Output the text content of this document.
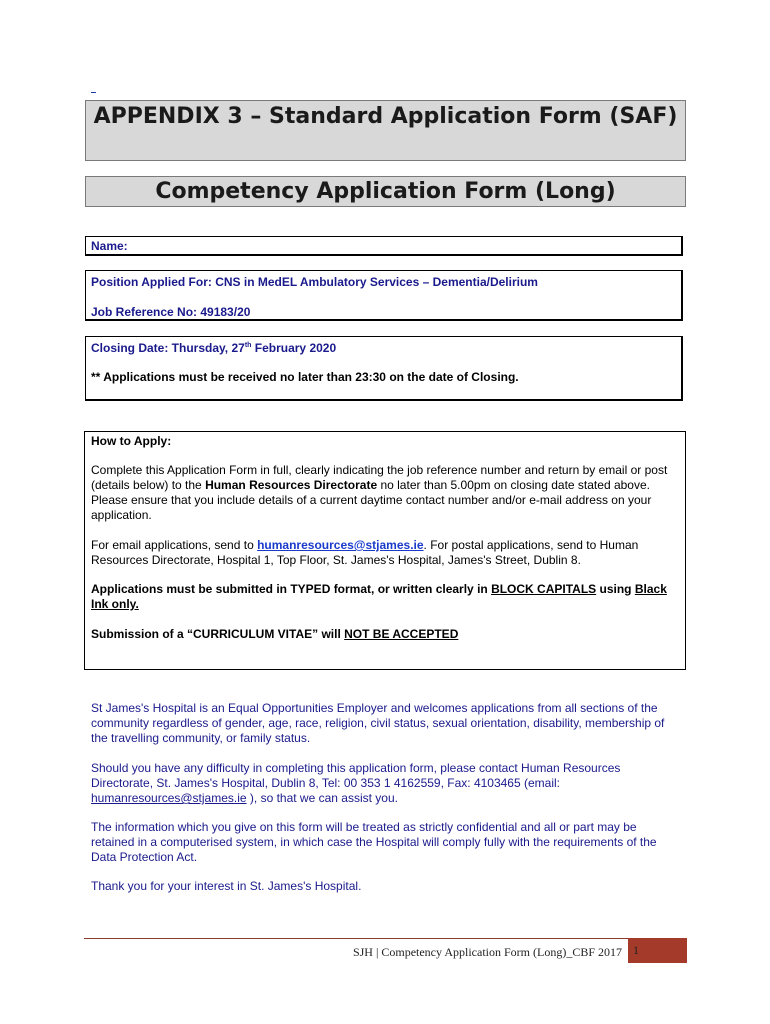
APPENDIX 3 – Standard Application Form (SAF)
Competency Application Form (Long)
Name:
Position Applied For: CNS in MedEL Ambulatory Services – Dementia/Delirium
Job Reference No: 49183/20
Closing Date: Thursday, 27th February 2020
** Applications must be received no later than 23:30 on the date of Closing.
How to Apply:
Complete this Application Form in full, clearly indicating the job reference number and return by email or post (details below) to the Human Resources Directorate no later than 5.00pm on closing date stated above. Please ensure that you include details of a current daytime contact number and/or e-mail address on your application.
For email applications, send to humanresources@stjames.ie. For postal applications, send to Human Resources Directorate, Hospital 1, Top Floor, St. James's Hospital, James's Street, Dublin 8.
Applications must be submitted in TYPED format, or written clearly in BLOCK CAPITALS using Black Ink only.
Submission of a “CURRICULUM VITAE” will NOT BE ACCEPTED
St James's Hospital is an Equal Opportunities Employer and welcomes applications from all sections of the community regardless of gender, age, race, religion, civil status, sexual orientation, disability, membership of the travelling community, or family status.
Should you have any difficulty in completing this application form, please contact Human Resources Directorate, St. James's Hospital, Dublin 8, Tel: 00 353 1 4162559, Fax: 4103465 (email: humanresources@stjames.ie ), so that we can assist you.
The information which you give on this form will be treated as strictly confidential and all or part may be retained in a computerised system, in which case the Hospital will comply fully with the requirements of the Data Protection Act.
Thank you for your interest in St. James's Hospital.
SJH | Competency Application Form (Long)_CBF 2017 1
